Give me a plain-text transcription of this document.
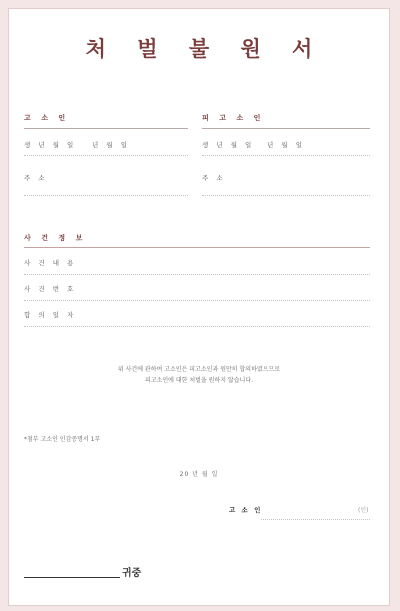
처 벌 불 원 서
고 소 인
생 년 월 일 년 월 일
주 소
피 고 소 인
생 년 월 일 년 월 일
주 소
사 건 정 보
사 건 내 용
사 건 번 호
합 의 일 자
위 사건에 관하여 고소인은 피고소인과 원만히 합의하였으므로
피고소인에 대한 처벌을 원하지 않습니다.
*첨부 고소인 인감증명서 1부
20 년 월 일
고 소 인	(인)
귀중
